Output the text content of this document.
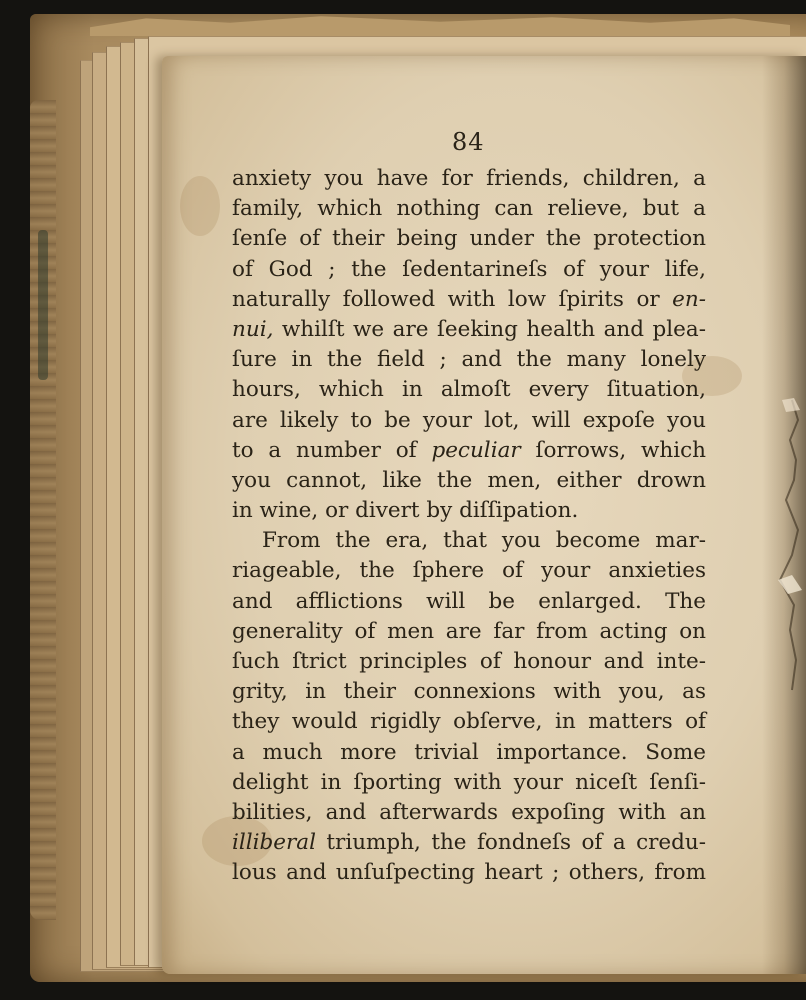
84
anxiety you have for friends, children, a
family, which nothing can relieve, but a
ſenſe of their being under the protection
of God ; the ſedentarineſs of your life,
naturally followed with low ſpirits or en-
nui, whilſt we are ſeeking health and plea-
ſure in the field ; and the many lonely
hours, which in almoſt every ſituation,
are likely to be your lot, will expoſe you
to a number of peculiar ſorrows, which
you cannot, like the men, either drown
in wine, or divert by diſſipation.
From the era, that you become mar-
riageable, the ſphere of your anxieties
and afflictions will be enlarged. The
generality of men are far from acting on
ſuch ſtrict principles of honour and inte-
grity, in their connexions with you, as
they would rigidly obſerve, in matters of
a much more trivial importance. Some
delight in ſporting with your niceſt ſenſi-
bilities, and afterwards expoſing with an
illiberal triumph, the fondneſs of a credu-
lous and unſuſpecting heart ; others, from
